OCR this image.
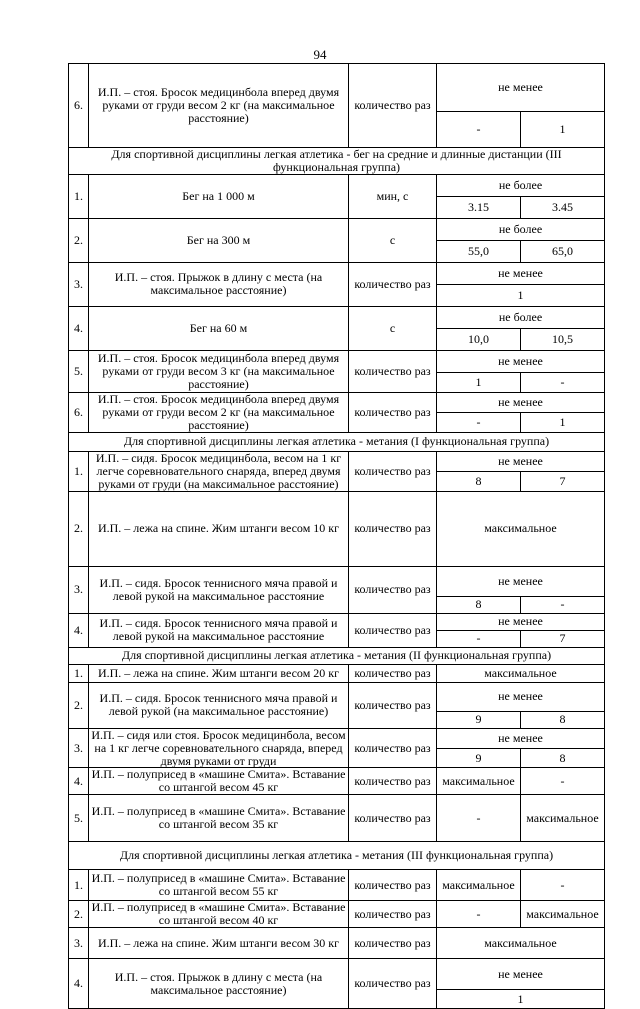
94
6.	И.П. – стоя. Бросок медицинбола вперед двумя руками от груди весом 2 кг (на максимальное расстояние)	количество раз	не менее	
			-	1
Для спортивной дисциплины легкая атлетика - бег на средние и длинные дистанции (III функциональная группа)				
1.	Бег на 1 000 м	мин, с	не более	
			3.15	3.45
2.	Бег на 300 м	с	не более	
			55,0	65,0
3.	И.П. – стоя. Прыжок в длину с места (на максимальное расстояние)	количество раз	не менее	
			1	
4.	Бег на 60 м	с	не более	
			10,0	10,5
5.	И.П. – стоя. Бросок медицинбола вперед двумя руками от груди весом 3 кг (на максимальное расстояние)	количество раз	не менее	
			1	-
6.	И.П. – стоя. Бросок медицинбола вперед двумя руками от груди весом 2 кг (на максимальное расстояние)	количество раз	не менее	
			-	1
Для спортивной дисциплины легкая атлетика - метания (I функциональная группа)				
1.	И.П. – сидя. Бросок медицинбола, весом на 1 кг легче соревновательного снаряда, вперед двумя руками от груди (на максимальное расстояние)	количество раз	не менее	
			8	7
2.	И.П. – лежа на спине. Жим штанги весом 10 кг	количество раз	максимальное	
3.	И.П. – сидя. Бросок теннисного мяча правой и левой рукой на максимальное расстояние	количество раз	не менее	
			8	-
4.	И.П. – сидя. Бросок теннисного мяча правой и левой рукой на максимальное расстояние	количество раз	не менее	
			-	7
Для спортивной дисциплины легкая атлетика - метания (II функциональная группа)				
1.	И.П. – лежа на спине. Жим штанги весом 20 кг	количество раз	максимальное	
2.	И.П. – сидя. Бросок теннисного мяча правой и левой рукой (на максимальное расстояние)	количество раз	не менее	
			9	8
3.	И.П. – сидя или стоя. Бросок медицинбола, весом на 1 кг легче соревновательного снаряда, вперед двумя руками от груди	количество раз	не менее	
			9	8
4.	И.П. – полуприсед в «машине Смита». Вставание со штангой весом 45 кг	количество раз	максимальное	-
5.	И.П. – полуприсед в «машине Смита». Вставание со штангой весом 35 кг	количество раз	-	максимальное
Для спортивной дисциплины легкая атлетика - метания (III функциональная группа)				
1.	И.П. – полуприсед в «машине Смита». Вставание со штангой весом 55 кг	количество раз	максимальное	-
2.	И.П. – полуприсед в «машине Смита». Вставание со штангой весом 40 кг	количество раз	-	максимальное
3.	И.П. – лежа на спине. Жим штанги весом 30 кг	количество раз	максимальное	
4.	И.П. – стоя. Прыжок в длину с места (на максимальное расстояние)	количество раз	не менее	
			1	
